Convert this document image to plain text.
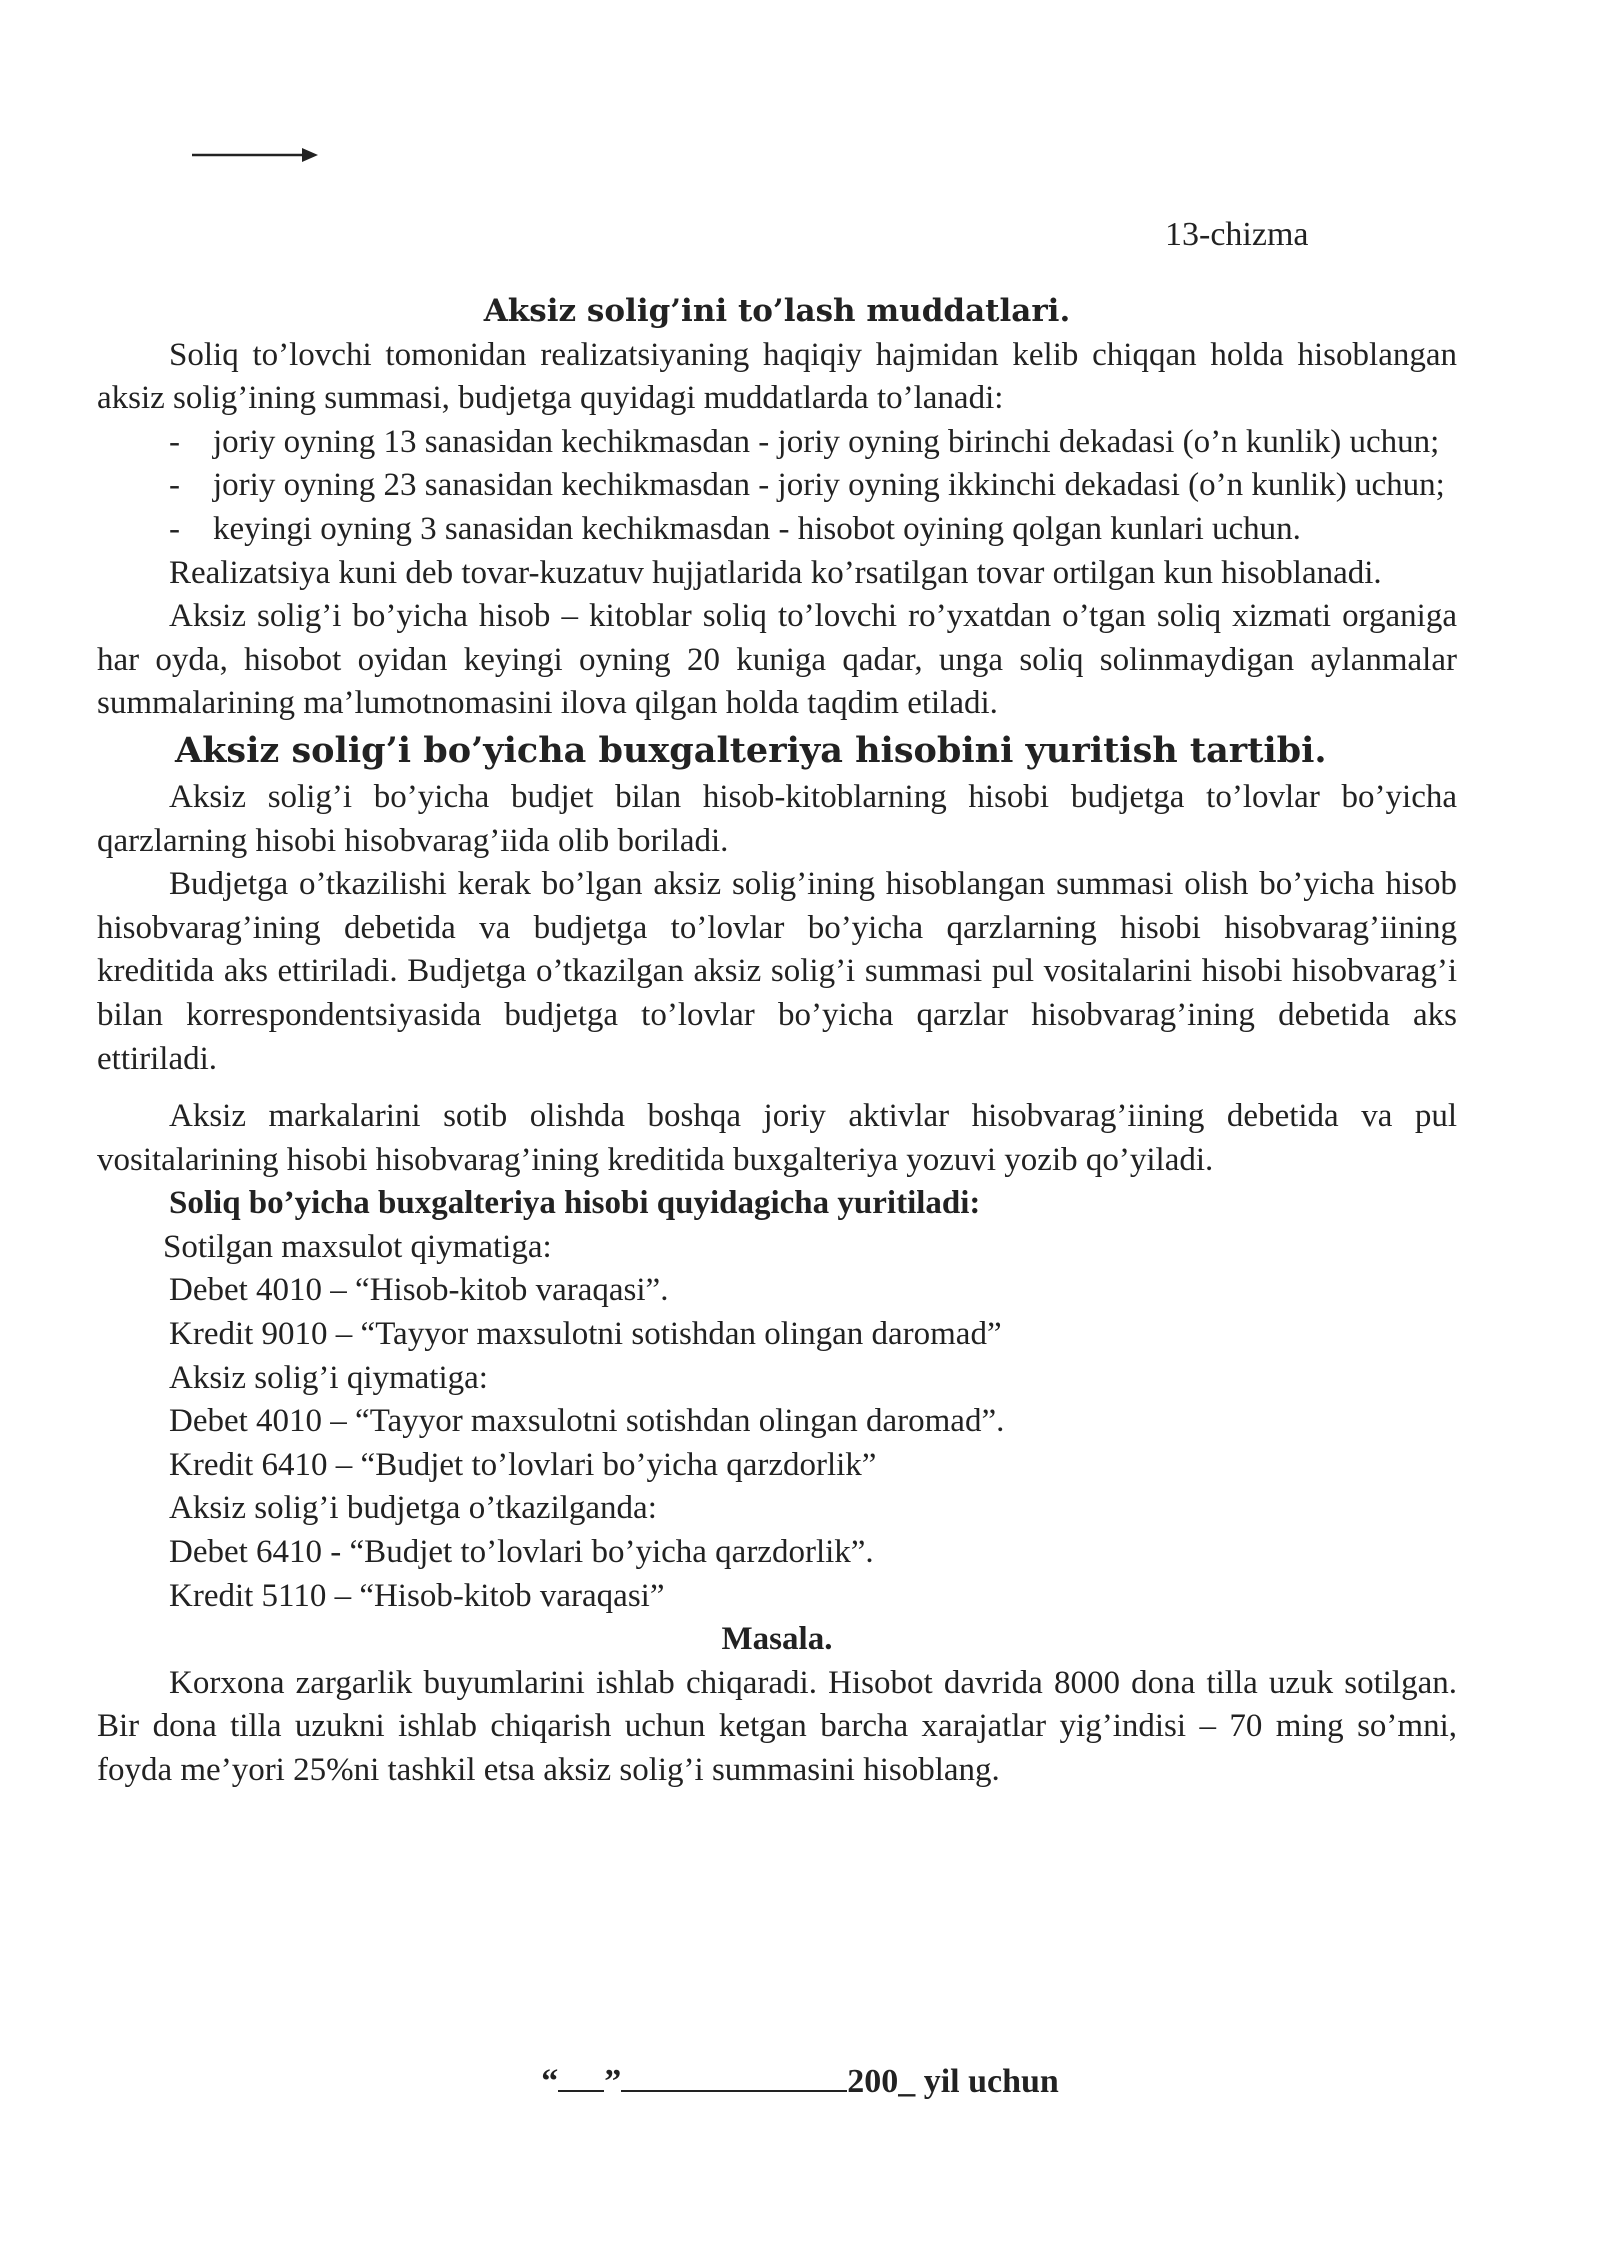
13-chizma

Aksiz solig’ini to’lash muddatlari.

Soliq to’lovchi tomonidan realizatsiyaning haqiqiy hajmidan kelib chiqqan holda hisoblangan aksiz solig’ining summasi, budjetga quyidagi muddatlarda to’lanadi:

- joriy oyning 13 sanasidan kechikmasdan - joriy oyning birinchi dekadasi (o’n kunlik) uchun;

- joriy oyning 23 sanasidan kechikmasdan - joriy oyning ikkinchi dekadasi (o’n kunlik) uchun;

- keyingi oyning 3 sanasidan kechikmasdan - hisobot oyining qolgan kunlari uchun.

Realizatsiya kuni deb tovar-kuzatuv hujjatlarida ko’rsatilgan tovar ortilgan kun hisoblanadi.

Aksiz solig’i bo’yicha hisob – kitoblar soliq to’lovchi ro’yxatdan o’tgan soliq xizmati organiga har oyda, hisobot oyidan keyingi oyning 20 kuniga qadar, unga soliq solinmaydigan aylanmalar summalarining ma’lumotnomasini ilova qilgan holda taqdim etiladi.

Aksiz solig’i bo’yicha buxgalteriya hisobini yuritish tartibi.

Aksiz solig’i bo’yicha budjet bilan hisob-kitoblarning hisobi budjetga to’lovlar bo’yicha qarzlarning hisobi hisobvarag’iida olib boriladi.

Budjetga o’tkazilishi kerak bo’lgan aksiz solig’ining hisoblangan summasi olish bo’yicha hisob hisobvarag’ining debetida va budjetga to’lovlar bo’yicha qarzlarning hisobi hisobvarag’iining kreditida aks ettiriladi. Budjetga o’tkazilgan aksiz solig’i summasi pul vositalarini hisobi hisobvarag’i bilan korrespondentsiyasida budjetga to’lovlar bo’yicha qarzlar hisobvarag’ining debetida aks ettiriladi.

Aksiz markalarini sotib olishda boshqa joriy aktivlar hisobvarag’iining debetida va pul vositalarining hisobi hisobvarag’ining kreditida buxgalteriya yozuvi yozib qo’yiladi.

Soliq bo’yicha buxgalteriya hisobi quyidagicha yuritiladi:

Sotilgan maxsulot qiymatiga:

Debet 4010 – “Hisob-kitob varaqasi”.

Kredit 9010 – “Tayyor maxsulotni sotishdan olingan daromad”

Aksiz solig’i qiymatiga:

Debet 4010 – “Tayyor maxsulotni sotishdan olingan daromad”.

Kredit 6410 – “Budjet to’lovlari bo’yicha qarzdorlik”

Aksiz solig’i budjetga o’tkazilganda:

Debet 6410 - “Budjet to’lovlari bo’yicha qarzdorlik”.

Kredit 5110 – “Hisob-kitob varaqasi”

Masala.

Korxona zargarlik buyumlarini ishlab chiqaradi. Hisobot davrida 8000 dona tilla uzuk sotilgan. Bir dona tilla uzukni ishlab chiqarish uchun ketgan barcha xarajatlar yig’indisi – 70 ming so’mni, foyda me’yori 25%ni tashkil etsa aksiz solig’i summasini hisoblang.

“ ”	200_ yil uchun
